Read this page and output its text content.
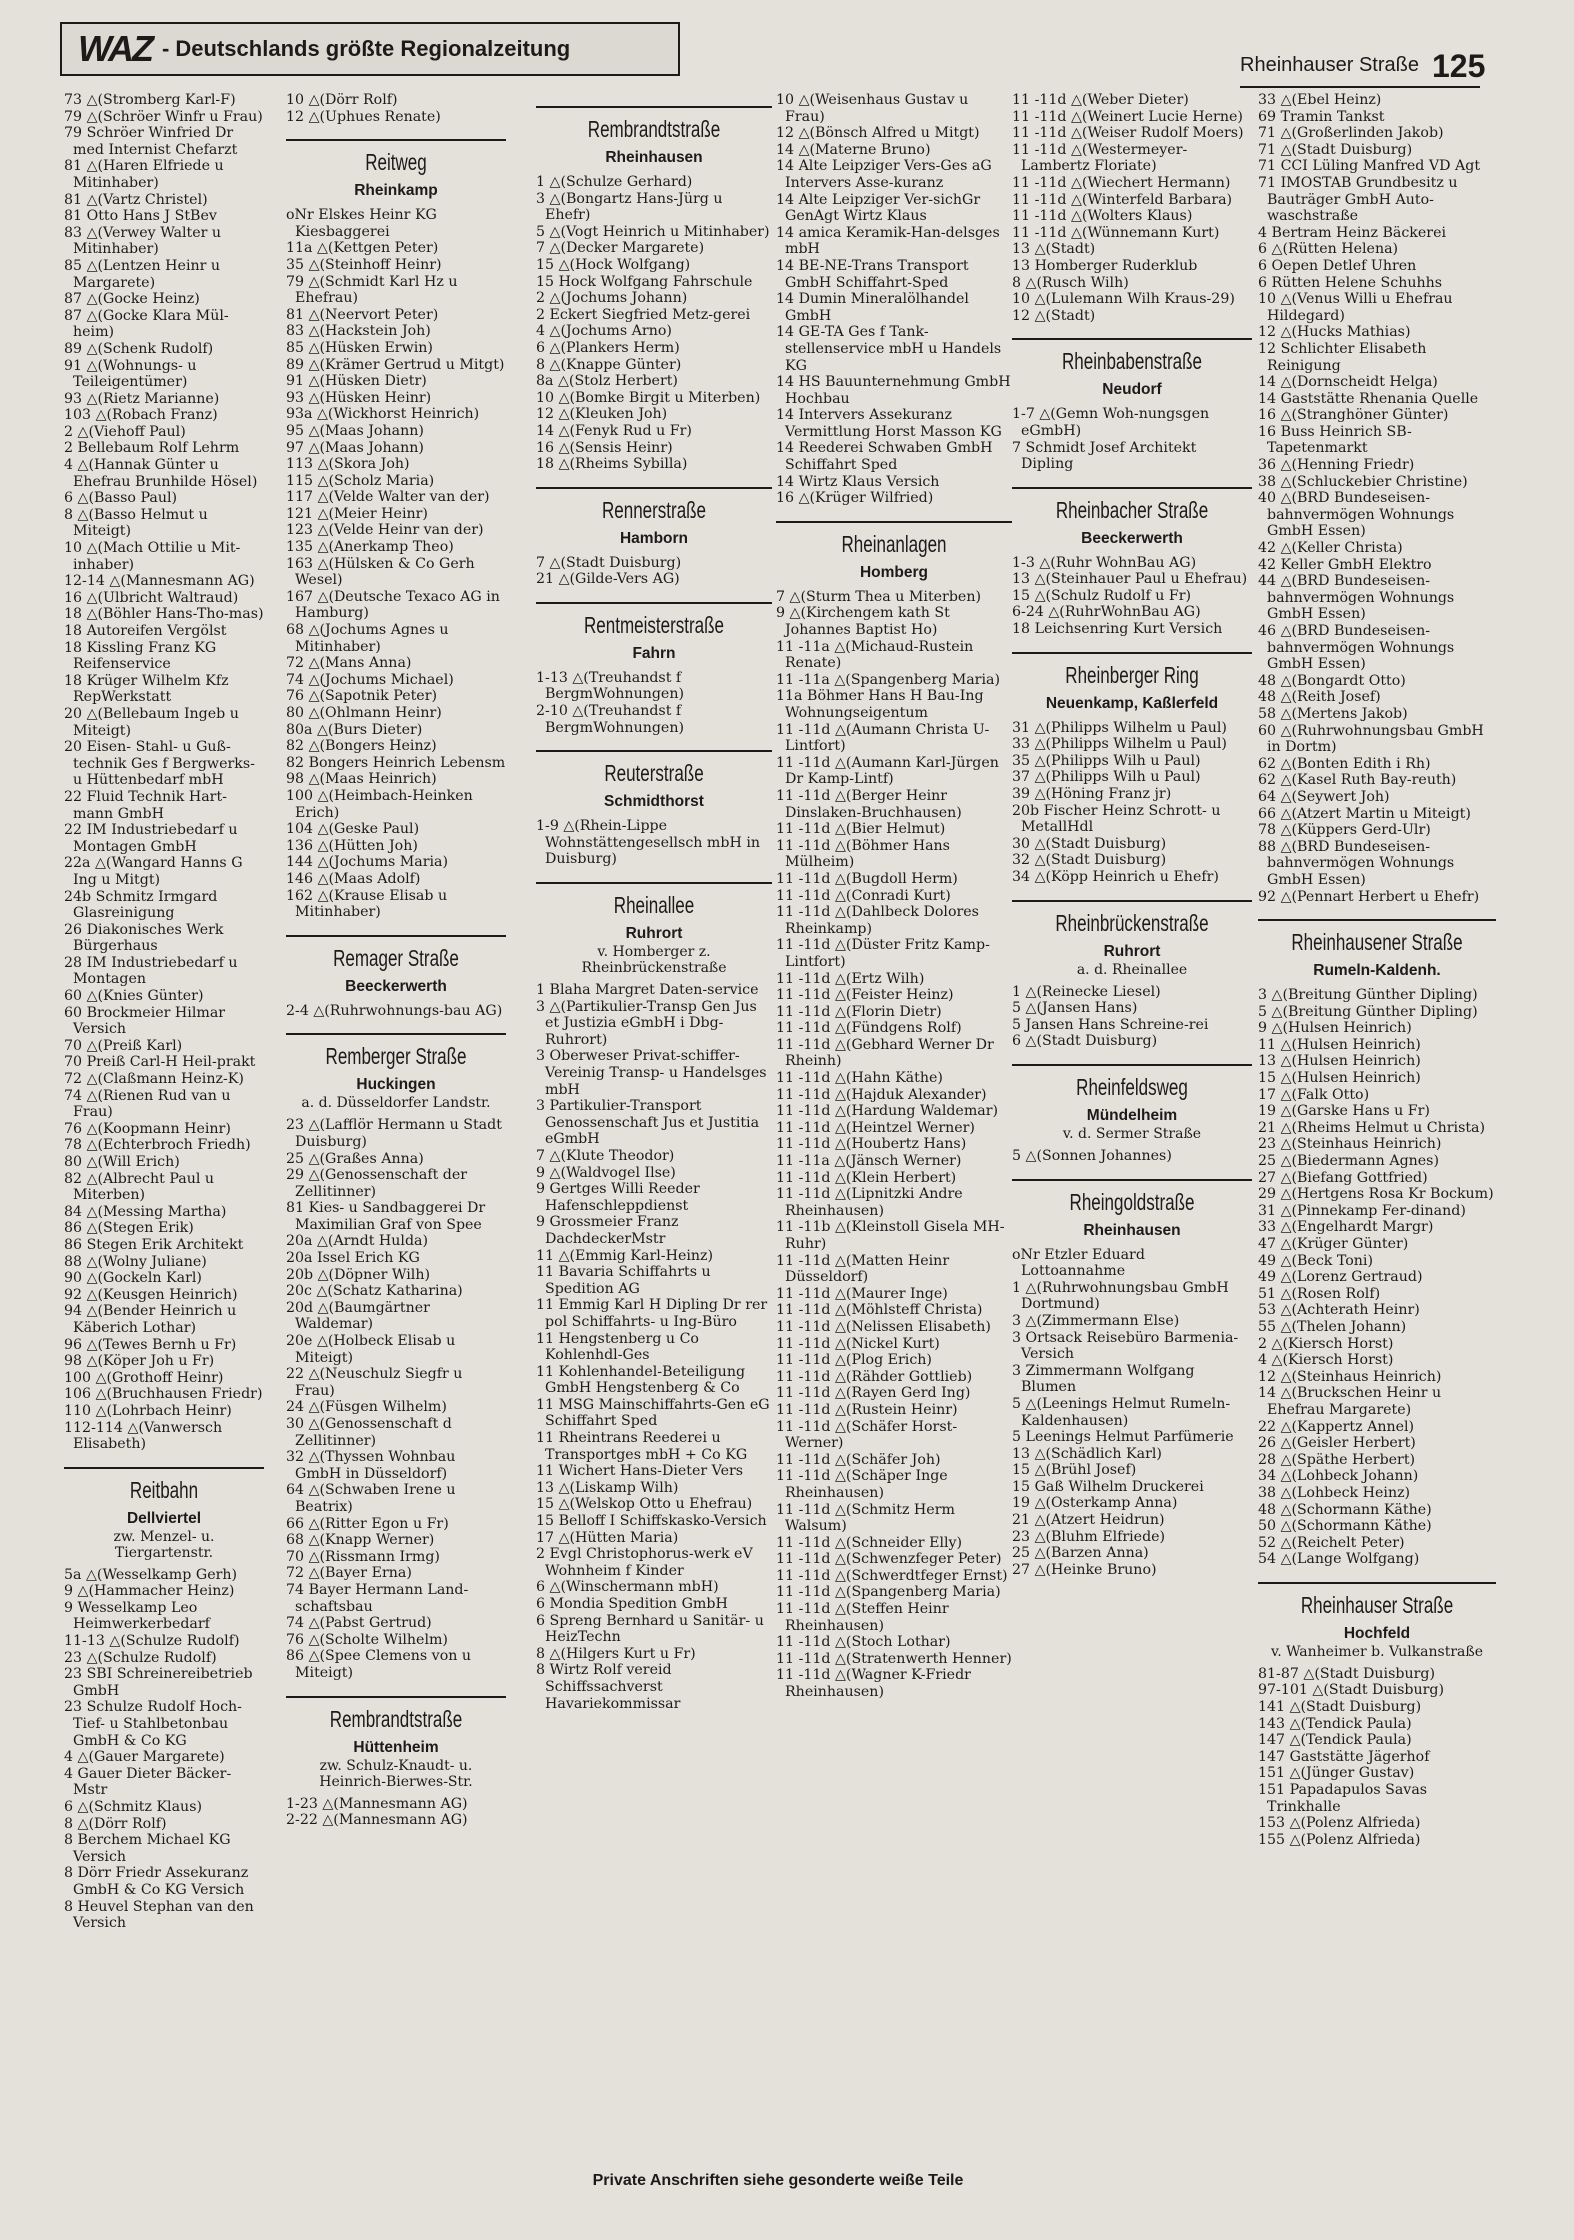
WAZ - Deutschlands größte Regionalzeitung
Rheinhauser Straße 125

73 △(Stromberg Karl-F)

79 △(Schröer Winfr u Frau)

79 Schröer Winfried Dr med Internist Chefarzt

81 △(Haren Elfriede u Mitinhaber)

81 △(Vartz Christel)

81 Otto Hans J StBev

83 △(Verwey Walter u Mitinhaber)

85 △(Lentzen Heinr u Margarete)

87 △(Gocke Heinz)

87 △(Gocke Klara Mül-heim)

89 △(Schenk Rudolf)

91 △(Wohnungs- u Teileigentümer)

93 △(Rietz Marianne)

103 △(Robach Franz)

2 △(Viehoff Paul)

2 Bellebaum Rolf Lehrm

4 △(Hannak Günter u Ehefrau Brunhilde Hösel)

6 △(Basso Paul)

8 △(Basso Helmut u Miteigt)

10 △(Mach Ottilie u Mit-inhaber)

12-14 △(Mannesmann AG)

16 △(Ulbricht Waltraud)

18 △(Böhler Hans-Tho-mas)

18 Autoreifen Vergölst

18 Kissling Franz KG Reifenservice

18 Krüger Wilhelm Kfz RepWerkstatt

20 △(Bellebaum Ingeb u Miteigt)

20 Eisen- Stahl- u Guß-technik Ges f Bergwerks- u Hüttenbedarf mbH

22 Fluid Technik Hart-mann GmbH

22 IM Industriebedarf u Montagen GmbH

22a △(Wangard Hanns G Ing u Mitgt)

24b Schmitz Irmgard Glasreinigung

26 Diakonisches Werk Bürgerhaus

28 IM Industriebedarf u Montagen

60 △(Knies Günter)

60 Brockmeier Hilmar Versich

70 △(Preiß Karl)

70 Preiß Carl-H Heil-prakt

72 △(Claßmann Heinz-K)

74 △(Rienen Rud van u Frau)

76 △(Koopmann Heinr)

78 △(Echterbroch Friedh)

80 △(Will Erich)

82 △(Albrecht Paul u Miterben)

84 △(Messing Martha)

86 △(Stegen Erik)

86 Stegen Erik Architekt

88 △(Wolny Juliane)

90 △(Gockeln Karl)

92 △(Keusgen Heinrich)

94 △(Bender Heinrich u Käberich Lothar)

96 △(Tewes Bernh u Fr)

98 △(Köper Joh u Fr)

100 △(Grothoff Heinr)

106 △(Bruchhausen Friedr)

110 △(Lohrbach Heinr)

112-114 △(Vanwersch Elisabeth)

Reitbahn
Dellviertel
zw. Menzel- u. Tiergartenstr.

5a △(Wesselkamp Gerh)

9 △(Hammacher Heinz)

9 Wesselkamp Leo Heimwerkerbedarf

11-13 △(Schulze Rudolf)

23 △(Schulze Rudolf)

23 SBI Schreinereibetrieb GmbH

23 Schulze Rudolf Hoch- Tief- u Stahlbetonbau GmbH & Co KG

4 △(Gauer Margarete)

4 Gauer Dieter Bäcker-Mstr

6 △(Schmitz Klaus)

8 △(Dörr Rolf)

8 Berchem Michael KG Versich

8 Dörr Friedr Assekuranz GmbH & Co KG Versich

8 Heuvel Stephan van den Versich

10 △(Dörr Rolf)

12 △(Uphues Renate)

Reitweg
Rheinkamp

oNr Elskes Heinr KG Kiesbaggerei

11a △(Kettgen Peter)

35 △(Steinhoff Heinr)

79 △(Schmidt Karl Hz u Ehefrau)

81 △(Neervort Peter)

83 △(Hackstein Joh)

85 △(Hüsken Erwin)

89 △(Krämer Gertrud u Mitgt)

91 △(Hüsken Dietr)

93 △(Hüsken Heinr)

93a △(Wickhorst Heinrich)

95 △(Maas Johann)

97 △(Maas Johann)

113 △(Skora Joh)

115 △(Scholz Maria)

117 △(Velde Walter van der)

121 △(Meier Heinr)

123 △(Velde Heinr van der)

135 △(Anerkamp Theo)

163 △(Hülsken & Co Gerh Wesel)

167 △(Deutsche Texaco AG in Hamburg)

68 △(Jochums Agnes u Mitinhaber)

72 △(Mans Anna)

74 △(Jochums Michael)

76 △(Sapotnik Peter)

80 △(Ohlmann Heinr)

80a △(Burs Dieter)

82 △(Bongers Heinz)

82 Bongers Heinrich Lebensm

98 △(Maas Heinrich)

100 △(Heimbach-Heinken Erich)

104 △(Geske Paul)

136 △(Hütten Joh)

144 △(Jochums Maria)

146 △(Maas Adolf)

162 △(Krause Elisab u Mitinhaber)

Remager Straße
Beeckerwerth

2-4 △(Ruhrwohnungs-bau AG)

Remberger Straße
Huckingen
a. d. Düsseldorfer Landstr.

23 △(Lafflör Hermann u Stadt Duisburg)

25 △(Graßes Anna)

29 △(Genossenschaft der Zellitinner)

81 Kies- u Sandbaggerei Dr Maximilian Graf von Spee

20a △(Arndt Hulda)

20a Issel Erich KG

20b △(Döpner Wilh)

20c △(Schatz Katharina)

20d △(Baumgärtner Waldemar)

20e △(Holbeck Elisab u Miteigt)

22 △(Neuschulz Siegfr u Frau)

24 △(Füsgen Wilhelm)

30 △(Genossenschaft d Zellitinner)

32 △(Thyssen Wohnbau GmbH in Düsseldorf)

64 △(Schwaben Irene u Beatrix)

66 △(Ritter Egon u Fr)

68 △(Knapp Werner)

70 △(Rissmann Irmg)

72 △(Bayer Erna)

74 Bayer Hermann Land-schaftsbau

74 △(Pabst Gertrud)

76 △(Scholte Wilhelm)

86 △(Spee Clemens von u Miteigt)

Rembrandtstraße
Hüttenheim
zw. Schulz-Knaudt- u. Heinrich-Bierwes-Str.

1-23 △(Mannesmann AG)

2-22 △(Mannesmann AG)

Rembrandtstraße
Rheinhausen

1 △(Schulze Gerhard)

3 △(Bongartz Hans-Jürg u Ehefr)

5 △(Vogt Heinrich u Mitinhaber)

7 △(Decker Margarete)

15 △(Hock Wolfgang)

15 Hock Wolfgang Fahrschule

2 △(Jochums Johann)

2 Eckert Siegfried Metz-gerei

4 △(Jochums Arno)

6 △(Plankers Herm)

8 △(Knappe Günter)

8a △(Stolz Herbert)

10 △(Bomke Birgit u Miterben)

12 △(Kleuken Joh)

14 △(Fenyk Rud u Fr)

16 △(Sensis Heinr)

18 △(Rheims Sybilla)

Rennerstraße
Hamborn

7 △(Stadt Duisburg)

21 △(Gilde-Vers AG)

Rentmeisterstraße
Fahrn

1-13 △(Treuhandst f BergmWohnungen)

2-10 △(Treuhandst f BergmWohnungen)

Reuterstraße
Schmidthorst

1-9 △(Rhein-Lippe Wohnstättengesellsch mbH in Duisburg)

Rheinallee
Ruhrort
v. Homberger z. Rheinbrückenstraße

1 Blaha Margret Daten-service

3 △(Partikulier-Transp Gen Jus et Justizia eGmbH i Dbg-Ruhrort)

3 Oberweser Privat-schiffer-Vereinig Transp- u Handelsges mbH

3 Partikulier-Transport Genossenschaft Jus et Justitia eGmbH

7 △(Klute Theodor)

9 △(Waldvogel Ilse)

9 Gertges Willi Reeder Hafenschleppdienst

9 Grossmeier Franz DachdeckerMstr

11 △(Emmig Karl-Heinz)

11 Bavaria Schiffahrts u Spedition AG

11 Emmig Karl H Dipling Dr rer pol Schiffahrts- u Ing-Büro

11 Hengstenberg u Co Kohlenhdl-Ges

11 Kohlenhandel-Beteiligung GmbH Hengstenberg & Co

11 MSG Mainschiffahrts-Gen eG Schiffahrt Sped

11 Rheintrans Reederei u Transportges mbH + Co KG

11 Wichert Hans-Dieter Vers

13 △(Liskamp Wilh)

15 △(Welskop Otto u Ehefrau)

15 Belloff I Schiffskasko-Versich

17 △(Hütten Maria)

2 Evgl Christophorus-werk eV Wohnheim f Kinder

6 △(Winschermann mbH)

6 Mondia Spedition GmbH

6 Spreng Bernhard u Sanitär- u HeizTechn

8 △(Hilgers Kurt u Fr)

8 Wirtz Rolf vereid Schiffssachverst Havariekommissar

10 △(Weisenhaus Gustav u Frau)

12 △(Bönsch Alfred u Mitgt)

14 △(Materne Bruno)

14 Alte Leipziger Vers-Ges aG Intervers Asse-kuranz

14 Alte Leipziger Ver-sichGr GenAgt Wirtz Klaus

14 amica Keramik-Han-delsges mbH

14 BE-NE-Trans Transport GmbH Schiffahrt-Sped

14 Dumin Mineralölhandel GmbH

14 GE-TA Ges f Tank-stellenservice mbH u Handels KG

14 HS Bauunternehmung GmbH Hochbau

14 Intervers Assekuranz Vermittlung Horst Masson KG

14 Reederei Schwaben GmbH Schiffahrt Sped

14 Wirtz Klaus Versich

16 △(Krüger Wilfried)

Rheinanlagen
Homberg

7 △(Sturm Thea u Miterben)

9 △(Kirchengem kath St Johannes Baptist Ho)

11 -11a △(Michaud-Rustein Renate)

11 -11a △(Spangenberg Maria)

11a Böhmer Hans H Bau-Ing Wohnungseigentum

11 -11d △(Aumann Christa U-Lintfort)

11 -11d △(Aumann Karl-Jürgen Dr Kamp-Lintf)

11 -11d △(Berger Heinr Dinslaken-Bruchhausen)

11 -11d △(Bier Helmut)

11 -11d △(Böhmer Hans Mülheim)

11 -11d △(Bugdoll Herm)

11 -11d △(Conradi Kurt)

11 -11d △(Dahlbeck Dolores Rheinkamp)

11 -11d △(Düster Fritz Kamp-Lintfort)

11 -11d △(Ertz Wilh)

11 -11d △(Feister Heinz)

11 -11d △(Florin Dietr)

11 -11d △(Fündgens Rolf)

11 -11d △(Gebhard Werner Dr Rheinh)

11 -11d △(Hahn Käthe)

11 -11d △(Hajduk Alexander)

11 -11d △(Hardung Waldemar)

11 -11d △(Heintzel Werner)

11 -11d △(Houbertz Hans)

11 -11a △(Jänsch Werner)

11 -11d △(Klein Herbert)

11 -11d △(Lipnitzki Andre Rheinhausen)

11 -11b △(Kleinstoll Gisela MH-Ruhr)

11 -11d △(Matten Heinr Düsseldorf)

11 -11d △(Maurer Inge)

11 -11d △(Möhlsteff Christa)

11 -11d △(Nelissen Elisabeth)

11 -11d △(Nickel Kurt)

11 -11d △(Plog Erich)

11 -11d △(Rähder Gottlieb)

11 -11d △(Rayen Gerd Ing)

11 -11d △(Rustein Heinr)

11 -11d △(Schäfer Horst-Werner)

11 -11d △(Schäfer Joh)

11 -11d △(Schäper Inge Rheinhausen)

11 -11d △(Schmitz Herm Walsum)

11 -11d △(Schneider Elly)

11 -11d △(Schwenzfeger Peter)

11 -11d △(Schwerdtfeger Ernst)

11 -11d △(Spangenberg Maria)

11 -11d △(Steffen Heinr Rheinhausen)

11 -11d △(Stoch Lothar)

11 -11d △(Stratenwerth Henner)

11 -11d △(Wagner K-Friedr Rheinhausen)

11 -11d △(Weber Dieter)

11 -11d △(Weinert Lucie Herne)

11 -11d △(Weiser Rudolf Moers)

11 -11d △(Westermeyer-Lambertz Floriate)

11 -11d △(Wiechert Hermann)

11 -11d △(Winterfeld Barbara)

11 -11d △(Wolters Klaus)

11 -11d △(Wünnemann Kurt)

13 △(Stadt)

13 Homberger Ruderklub

8 △(Rusch Wilh)

10 △(Lulemann Wilh Kraus-29)

12 △(Stadt)

Rheinbabenstraße
Neudorf

1-7 △(Gemn Woh-nungsgen eGmbH)

7 Schmidt Josef Architekt Dipling

Rheinbacher Straße
Beeckerwerth

1-3 △(Ruhr WohnBau AG)

13 △(Steinhauer Paul u Ehefrau)

15 △(Schulz Rudolf u Fr)

6-24 △(RuhrWohnBau AG)

18 Leichsenring Kurt Versich

Rheinberger Ring
Neuenkamp, Kaßlerfeld

31 △(Philipps Wilhelm u Paul)

33 △(Philipps Wilhelm u Paul)

35 △(Philipps Wilh u Paul)

37 △(Philipps Wilh u Paul)

39 △(Höning Franz jr)

20b Fischer Heinz Schrott- u MetallHdl

30 △(Stadt Duisburg)

32 △(Stadt Duisburg)

34 △(Köpp Heinrich u Ehefr)

Rheinbrückenstraße
Ruhrort
a. d. Rheinallee

1 △(Reinecke Liesel)

5 △(Jansen Hans)

5 Jansen Hans Schreine-rei

6 △(Stadt Duisburg)

Rheinfeldsweg
Mündelheim
v. d. Sermer Straße

5 △(Sonnen Johannes)

Rheingoldstraße
Rheinhausen

oNr Etzler Eduard Lottoannahme

1 △(Ruhrwohnungsbau GmbH Dortmund)

3 △(Zimmermann Else)

3 Ortsack Reisebüro Barmenia-Versich

3 Zimmermann Wolfgang Blumen

5 △(Leenings Helmut Rumeln-Kaldenhausen)

5 Leenings Helmut Parfümerie

13 △(Schädlich Karl)

15 △(Brühl Josef)

15 Gaß Wilhelm Druckerei

19 △(Osterkamp Anna)

21 △(Atzert Heidrun)

23 △(Bluhm Elfriede)

25 △(Barzen Anna)

27 △(Heinke Bruno)

33 △(Ebel Heinz)

69 Tramin Tankst

71 △(Großerlinden Jakob)

71 △(Stadt Duisburg)

71 CCI Lüling Manfred VD Agt

71 IMOSTAB Grundbesitz u Bauträger GmbH Auto-waschstraße

4 Bertram Heinz Bäckerei

6 △(Rütten Helena)

6 Oepen Detlef Uhren

6 Rütten Helene Schuhhs

10 △(Venus Willi u Ehefrau Hildegard)

12 △(Hucks Mathias)

12 Schlichter Elisabeth Reinigung

14 △(Dornscheidt Helga)

14 Gaststätte Rhenania Quelle

16 △(Stranghöner Günter)

16 Buss Heinrich SB-Tapetenmarkt

36 △(Henning Friedr)

38 △(Schluckebier Christine)

40 △(BRD Bundeseisen-bahnvermögen Wohnungs GmbH Essen)

42 △(Keller Christa)

42 Keller GmbH Elektro

44 △(BRD Bundeseisen-bahnvermögen Wohnungs GmbH Essen)

46 △(BRD Bundeseisen-bahnvermögen Wohnungs GmbH Essen)

48 △(Bongardt Otto)

48 △(Reith Josef)

58 △(Mertens Jakob)

60 △(Ruhrwohnungsbau GmbH in Dortm)

62 △(Bonten Edith i Rh)

62 △(Kasel Ruth Bay-reuth)

64 △(Seywert Joh)

66 △(Atzert Martin u Miteigt)

78 △(Küppers Gerd-Ulr)

88 △(BRD Bundeseisen-bahnvermögen Wohnungs GmbH Essen)

92 △(Pennart Herbert u Ehefr)

Rheinhausener Straße
Rumeln-Kaldenh.

3 △(Breitung Günther Dipling)

5 △(Breitung Günther Dipling)

9 △(Hulsen Heinrich)

11 △(Hulsen Heinrich)

13 △(Hulsen Heinrich)

15 △(Hulsen Heinrich)

17 △(Falk Otto)

19 △(Garske Hans u Fr)

21 △(Rheims Helmut u Christa)

23 △(Steinhaus Heinrich)

25 △(Biedermann Agnes)

27 △(Biefang Gottfried)

29 △(Hertgens Rosa Kr Bockum)

31 △(Pinnekamp Fer-dinand)

33 △(Engelhardt Margr)

47 △(Krüger Günter)

49 △(Beck Toni)

49 △(Lorenz Gertraud)

51 △(Rosen Rolf)

53 △(Achterath Heinr)

55 △(Thelen Johann)

2 △(Kiersch Horst)

4 △(Kiersch Horst)

12 △(Steinhaus Heinrich)

14 △(Bruckschen Heinr u Ehefrau Margarete)

22 △(Kappertz Annel)

26 △(Geisler Herbert)

28 △(Späthe Herbert)

34 △(Lohbeck Johann)

38 △(Lohbeck Heinz)

48 △(Schormann Käthe)

50 △(Schormann Käthe)

52 △(Reichelt Peter)

54 △(Lange Wolfgang)

Rheinhauser Straße
Hochfeld
v. Wanheimer b. Vulkanstraße

81-87 △(Stadt Duisburg)

97-101 △(Stadt Duisburg)

141 △(Stadt Duisburg)

143 △(Tendick Paula)

147 △(Tendick Paula)

147 Gaststätte Jägerhof

151 △(Jünger Gustav)

151 Papadapulos Savas Trinkhalle

153 △(Polenz Alfrieda)

155 △(Polenz Alfrieda)

Private Anschriften siehe gesonderte weiße Teile
